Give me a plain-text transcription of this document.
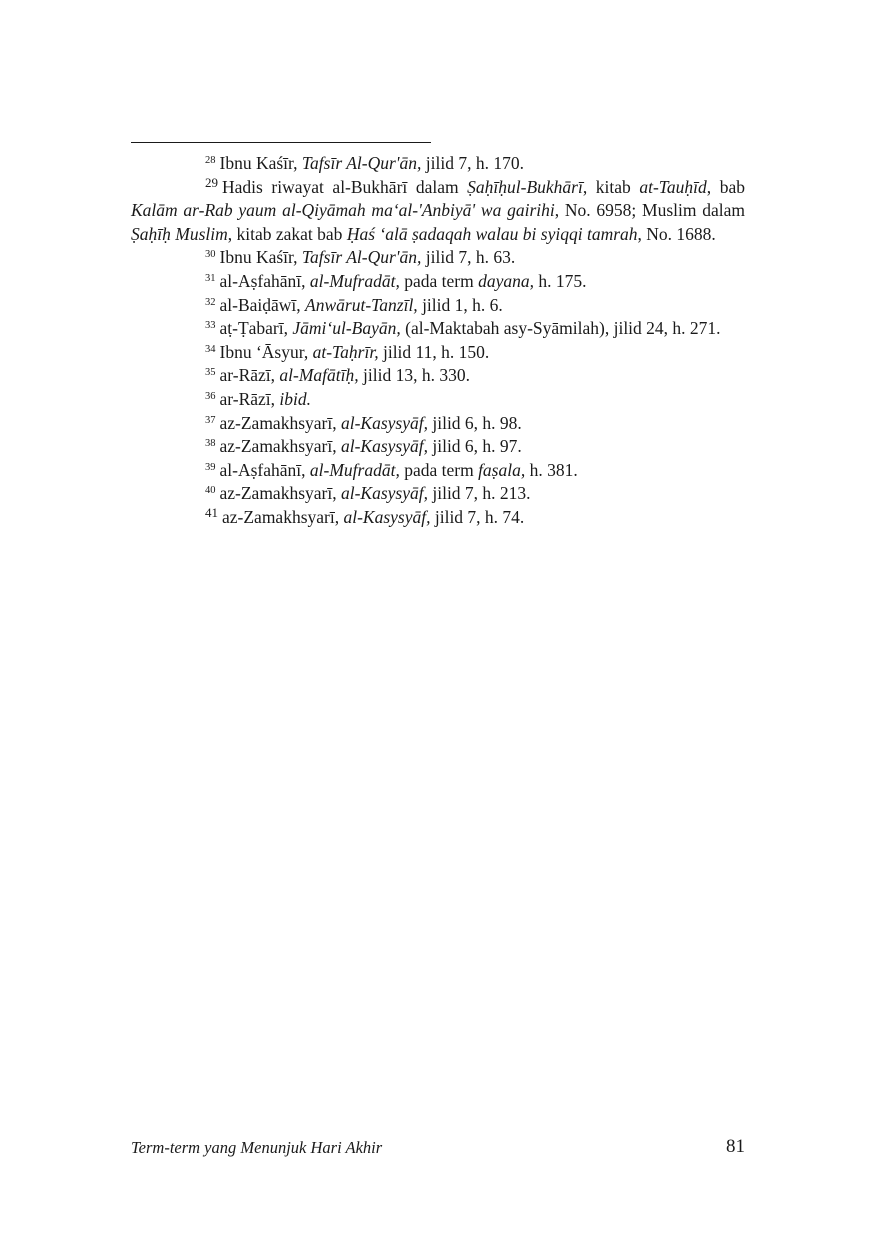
$^{28}$ Ibnu Kaśīr, Tafsīr Al-Qur'ān, jilid 7, h. 170.

$^{29}$ Hadis riwayat al-Bukhārī dalam Ṣaḥīḥul-Bukhārī, kitab at-Tauḥīd, bab Kalām ar-Rab yaum al-Qiyāmah ma‘al-'Anbiyā' wa gairihi, No. 6958; Muslim dalam Ṣaḥīḥ Muslim, kitab zakat bab Ḥaś ‘alā ṣadaqah walau bi syiqqi tamrah, No. 1688.

$^{30}$ Ibnu Kaśīr, Tafsīr Al-Qur'ān, jilid 7, h. 63.

$^{31}$ al-Aṣfahānī, al-Mufradāt, pada term dayana, h. 175.

$^{32}$ al-Baiḍāwī, Anwārut-Tanzīl, jilid 1, h. 6.

$^{33}$ aṭ-Ṭabarī, Jāmi‘ul-Bayān, (al-Maktabah asy-Syāmilah), jilid 24, h. 271.

$^{34}$ Ibnu ‘Āsyur, at-Taḥrīr, jilid 11, h. 150.

$^{35}$ ar-Rāzī, al-Mafātīḥ, jilid 13, h. 330.

$^{36}$ ar-Rāzī, ibid.

$^{37}$ az-Zamakhsyarī, al-Kasysyāf, jilid 6, h. 98.

$^{38}$ az-Zamakhsyarī, al-Kasysyāf, jilid 6, h. 97.

$^{39}$ al-Aṣfahānī, al-Mufradāt, pada term faṣala, h. 381.

$^{40}$ az-Zamakhsyarī, al-Kasysyāf, jilid 7, h. 213.

$^{41}$ az-Zamakhsyarī, al-Kasysyāf, jilid 7, h. 74.

Term-term yang Menunjuk Hari Akhir	81
